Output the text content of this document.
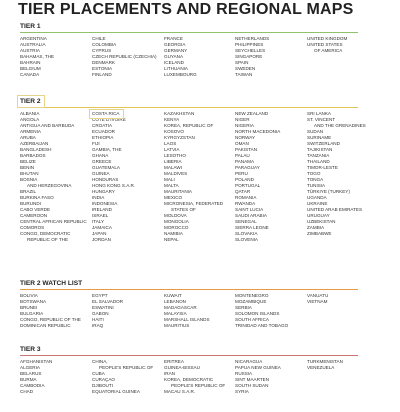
TIER PLACEMENTS AND REGIONAL MAPS
TIER 1
ARGENTINA
AUSTRALIA
AUSTRIA
BAHAMAS, THE
BAHRAIN
BELGIUM
CANADA
CHILE
COLOMBIA
CYPRUS
CZECH REPUBLIC (CZECHIA)
DENMARK
ESTONIA
FINLAND
FRANCE
GEORGIA
GERMANY
GUYANA
ICELAND
LITHUANIA
LUXEMBOURG
NETHERLANDS
PHILIPPINES
SEYCHELLES
SINGAPORE
SPAIN
SWEDEN
TAIWAN
UNITED KINGDOM
UNITED STATES
OF AMERICA
TIER 2
ALBANIA
ANGOLA
ANTIGUA AND BARBUDA
ARMENIA
ARUBA
AZERBAIJAN
BANGLADESH
BARBADOS
BELIZE
BENIN
BHUTAN
BOSNIA
AND HERZEGOVINA
BRAZIL
BURKINA FASO
BURUNDI
CABO VERDE
CAMEROON
CENTRAL AFRICAN REPUBLIC
COMOROS
CONGO, DEMOCRATIC
REPUBLIC OF THE
COSTA RICA
COTE D'IVOIRE
CROATIA
ECUADOR
ETHIOPIA
FIJI
GAMBIA, THE
GHANA
GREECE
GUATEMALA
GUINEA
HONDURAS
HONG KONG S.A.R.
HUNGARY
INDIA
INDONESIA
IRELAND
ISRAEL
ITALY
JAMAICA
JAPAN
JORDAN
KAZAKHSTAN
KENYA
KOREA, REPUBLIC OF
KOSOVO
KYRGYZSTAN
LAOS
LATVIA
LESOTHO
LIBERIA
MALAWI
MALDIVES
MALI
MALTA
MAURITANIA
MEXICO
MICRONESIA, FEDERATED
STATES OF
MOLDOVA
MONGOLIA
MOROCCO
NAMIBIA
NEPAL
NEW ZEALAND
NIGER
NIGERIA
NORTH MACEDONIA
NORWAY
OMAN
PAKISTAN
PALAU
PANAMA
PARAGUAY
PERU
POLAND
PORTUGAL
QATAR
ROMANIA
RWANDA
SAINT LUCIA
SAUDI ARABIA
SENEGAL
SIERRA LEONE
SLOVAKIA
SLOVENIA
SRI LANKA
ST. VINCENT
AND THE GRENADINES
SUDAN
SURINAME
SWITZERLAND
TAJIKISTAN
TANZANIA
THAILAND
TIMOR-LESTE
TOGO
TONGA
TUNISIA
TÜRKIYE (TURKEY)
UGANDA
UKRAINE
UNITED ARAB EMIRATES
URUGUAY
UZBEKISTAN
ZAMBIA
ZIMBABWE
TIER 2 WATCH LIST
BOLIVIA
BOTSWANA
BRUNEI
BULGARIA
CONGO, REPUBLIC OF THE
DOMINICAN REPUBLIC
EGYPT
EL SALVADOR
ESWATINI
GABON
HAITI
IRAQ
KUWAIT
LEBANON
MADAGASCAR
MALAYSIA
MARSHALL ISLANDS
MAURITIUS
MONTENEGRO
MOZAMBIQUE
SERBIA
SOLOMON ISLANDS
SOUTH AFRICA
TRINIDAD AND TOBAGO
VANUATU
VIETNAM
TIER 3
AFGHANISTAN
ALGERIA
BELARUS
BURMA
CAMBODIA
CHAD
CHINA,
PEOPLE'S REPUBLIC OF
CUBA
CURAÇAO
DJIBOUTI
EQUATORIAL GUINEA
ERITREA
GUINEA-BISSAU
IRAN
KOREA, DEMOCRATIC
PEOPLE'S REPUBLIC OF
MACAU S.A.R.
NICARAGUA
PAPUA NEW GUINEA
RUSSIA
SINT MAARTEN
SOUTH SUDAN
SYRIA
TURKMENISTAN
VENEZUELA
